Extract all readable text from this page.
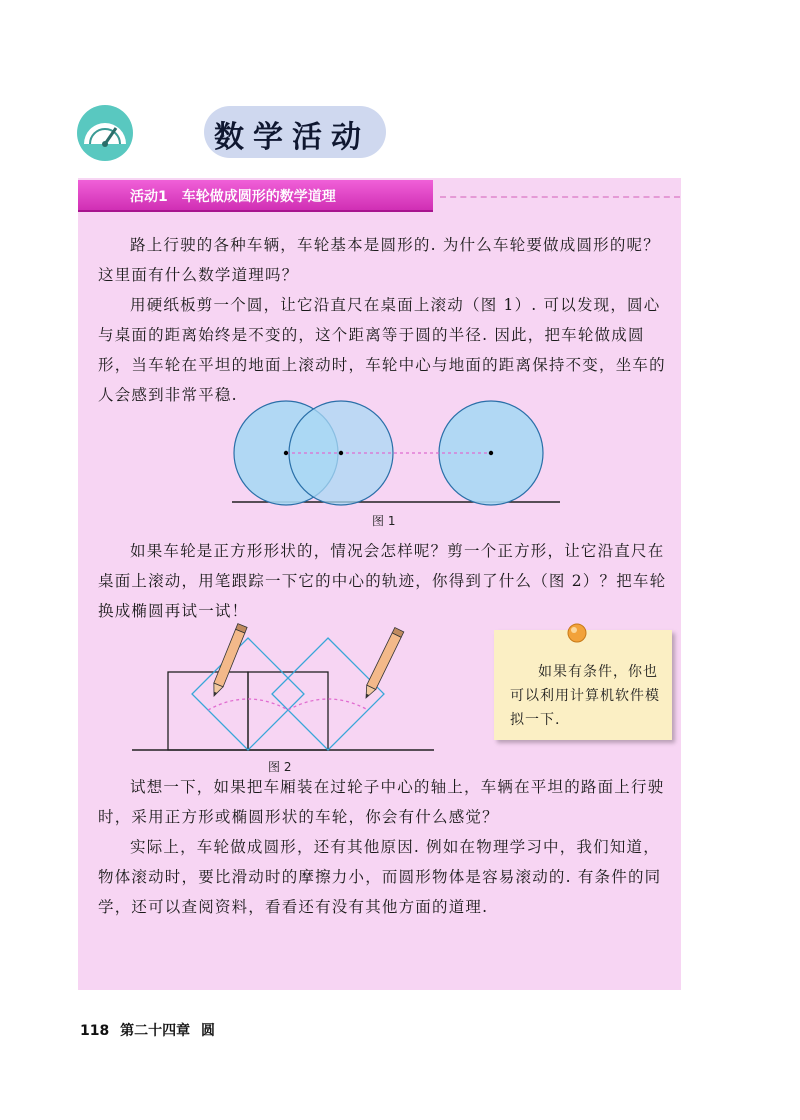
数学活动
活动1　车轮做成圆形的数学道理

路上行驶的各种车辆，车轮基本是圆形的. 为什么车轮要做成圆形的呢？这里面有什么数学道理吗？

用硬纸板剪一个圆，让它沿直尺在桌面上滚动（图 1）. 可以发现，圆心与桌面的距离始终是不变的，这个距离等于圆的半径. 因此，把车轮做成圆形，当车轮在平坦的地面上滚动时，车轮中心与地面的距离保持不变，坐车的人会感到非常平稳.

图 1

如果车轮是正方形形状的，情况会怎样呢？剪一个正方形，让它沿直尺在桌面上滚动，用笔跟踪一下它的中心的轨迹，你得到了什么（图 2）？把车轮换成椭圆再试一试！

图 2

如果有条件，你也可以利用计算机软件模拟一下.

试想一下，如果把车厢装在过轮子中心的轴上，车辆在平坦的路面上行驶时，采用正方形或椭圆形状的车轮，你会有什么感觉？

实际上，车轮做成圆形，还有其他原因. 例如在物理学习中，我们知道，物体滚动时，要比滑动时的摩擦力小，而圆形物体是容易滚动的. 有条件的同学，还可以查阅资料，看看还有没有其他方面的道理.

118 第二十四章 圆
